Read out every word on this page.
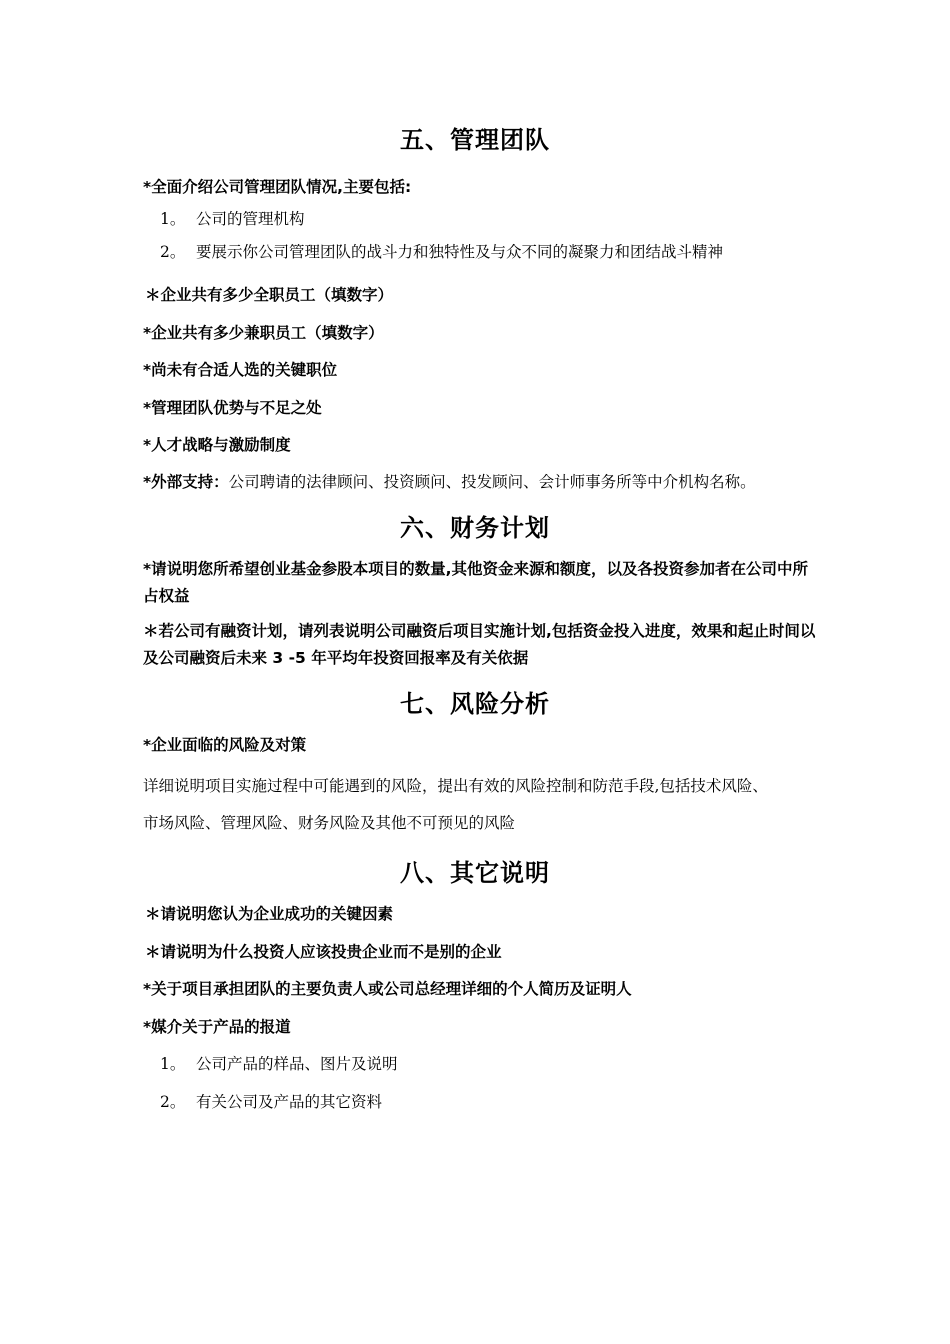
五、管理团队
*全面介绍公司管理团队情况,主要包括:
1。 公司的管理机构
2。 要展示你公司管理团队的战斗力和独特性及与众不同的凝聚力和团结战斗精神
＊企业共有多少全职员工（填数字）
*企业共有多少兼职员工（填数字）
*尚未有合适人选的关键职位
*管理团队优势与不足之处
*人才战略与激励制度
*外部支持：公司聘请的法律顾问、投资顾问、投发顾问、会计师事务所等中介机构名称。
六、财务计划
*请说明您所希望创业基金参股本项目的数量,其他资金来源和额度，以及各投资参加者在公司中所占权益
＊若公司有融资计划，请列表说明公司融资后项目实施计划,包括资金投入进度，效果和起止时间以及公司融资后未来 3 -5 年平均年投资回报率及有关依据
七、风险分析
*企业面临的风险及对策
详细说明项目实施过程中可能遇到的风险，提出有效的风险控制和防范手段,包括技术风险、
市场风险、管理风险、财务风险及其他不可预见的风险
八、其它说明
＊请说明您认为企业成功的关键因素
＊请说明为什么投资人应该投贵企业而不是别的企业
*关于项目承担团队的主要负责人或公司总经理详细的个人简历及证明人
*媒介关于产品的报道
1。 公司产品的样品、图片及说明
2。 有关公司及产品的其它资料
